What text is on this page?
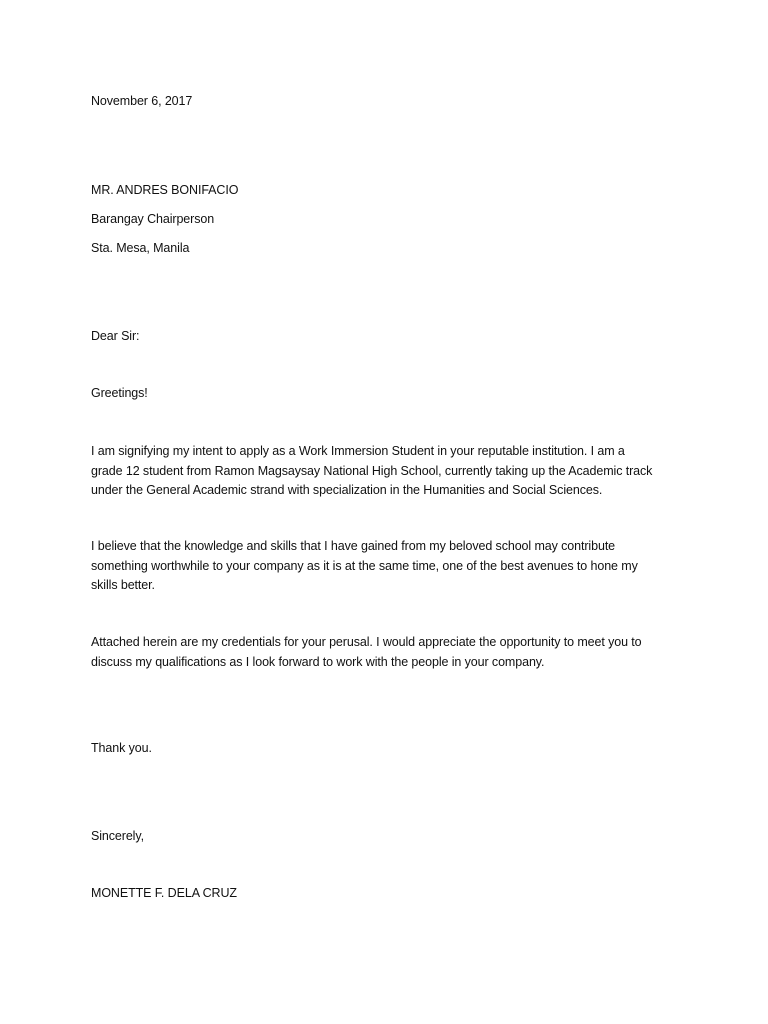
November 6, 2017
MR. ANDRES BONIFACIO
Barangay Chairperson
Sta. Mesa, Manila
Dear Sir:
Greetings!
I am signifying my intent to apply as a Work Immersion Student in your reputable institution. I am a
grade 12 student from Ramon Magsaysay National High School, currently taking up the Academic track
under the General Academic strand with specialization in the Humanities and Social Sciences.
I believe that the knowledge and skills that I have gained from my beloved school may contribute
something worthwhile to your company as it is at the same time, one of the best avenues to hone my
skills better.
Attached herein are my credentials for your perusal. I would appreciate the opportunity to meet you to
discuss my qualifications as I look forward to work with the people in your company.
Thank you.
Sincerely,
MONETTE F. DELA CRUZ
